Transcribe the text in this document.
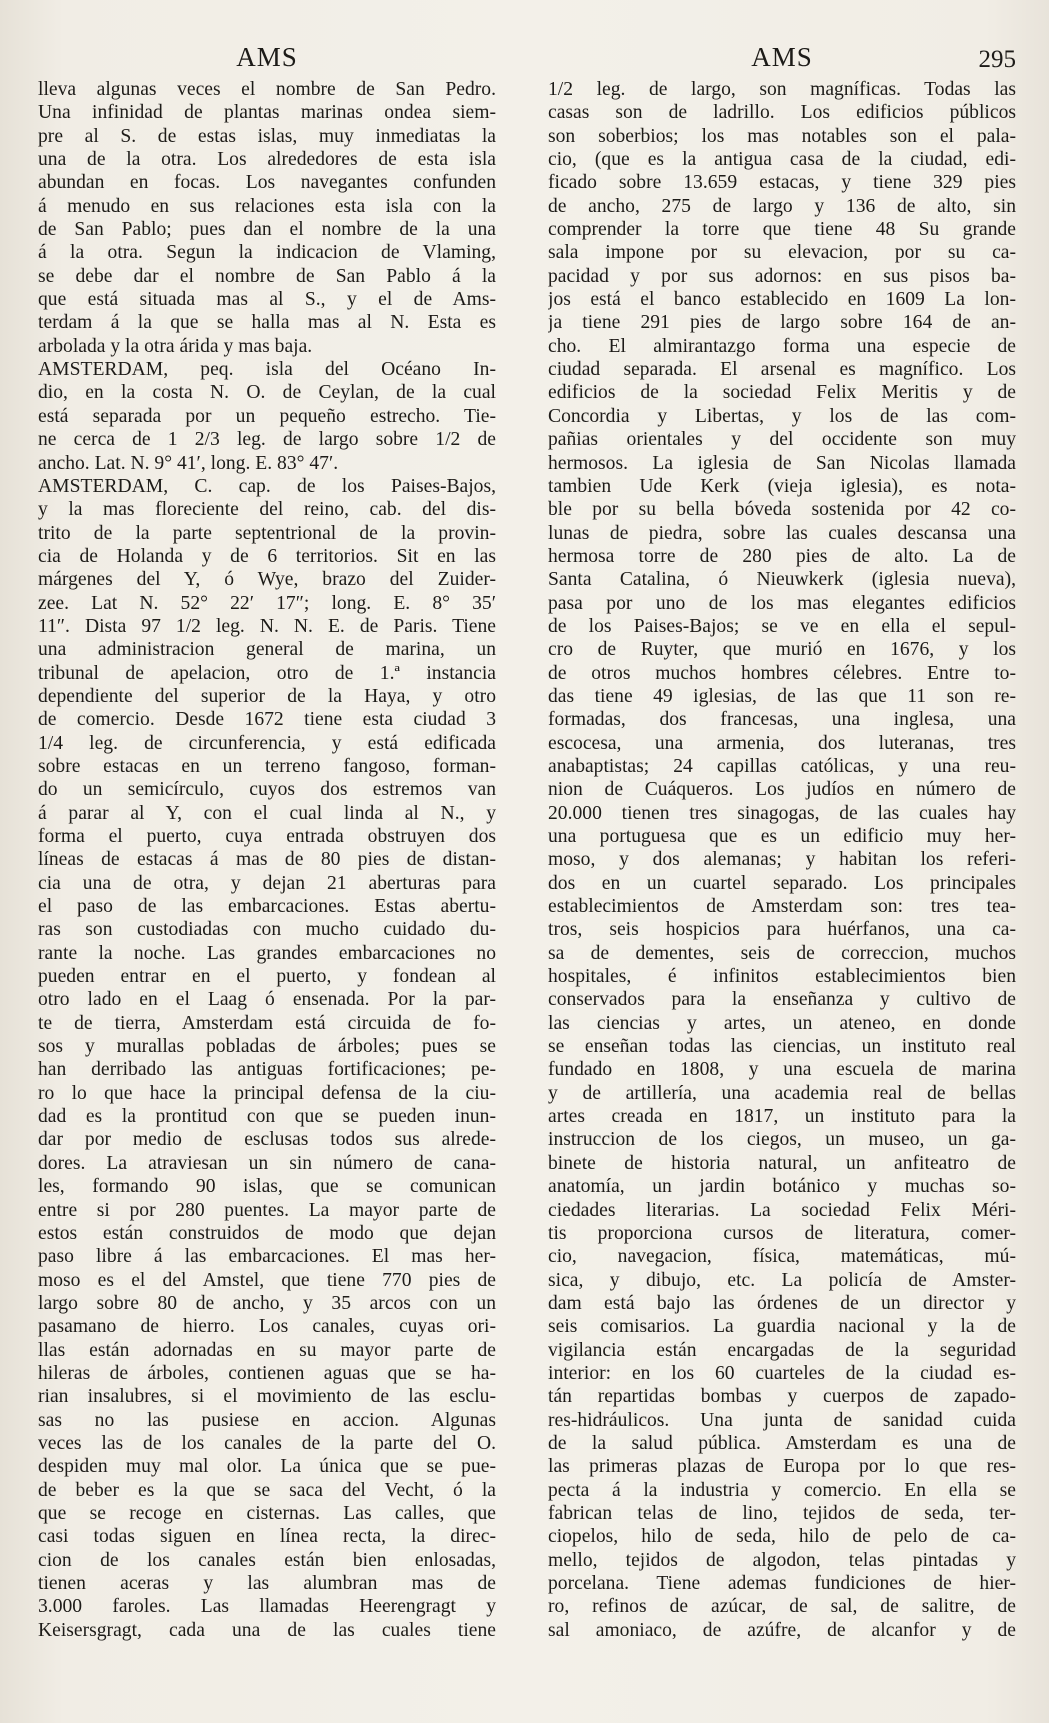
AMS
lleva algunas veces el nombre de San Pedro.
Una infinidad de plantas marinas ondea siem-
pre al S. de estas islas, muy inmediatas la
una de la otra. Los alrededores de esta isla
abundan en focas. Los navegantes confunden
á menudo en sus relaciones esta isla con la
de San Pablo; pues dan el nombre de la una
á la otra. Segun la indicacion de Vlaming,
se debe dar el nombre de San Pablo á la
que está situada mas al S., y el de Ams-
terdam á la que se halla mas al N. Esta es
arbolada y la otra árida y mas baja.
AMSTERDAM, peq. isla del Océano In-
dio, en la costa N. O. de Ceylan, de la cual
está separada por un pequeño estrecho. Tie-
ne cerca de 1 2/3 leg. de largo sobre 1/2 de
ancho. Lat. N. 9° 41′, long. E. 83° 47′.
AMSTERDAM, C. cap. de los Paises-Bajos,
y la mas floreciente del reino, cab. del dis-
trito de la parte septentrional de la provin-
cia de Holanda y de 6 territorios. Sit en las
márgenes del Y, ó Wye, brazo del Zuider-
zee. Lat N. 52° 22′ 17″; long. E. 8° 35′
11″. Dista 97 1/2 leg. N. N. E. de Paris. Tiene
una administracion general de marina, un
tribunal de apelacion, otro de 1.ª instancia
dependiente del superior de la Haya, y otro
de comercio. Desde 1672 tiene esta ciudad 3
1/4 leg. de circunferencia, y está edificada
sobre estacas en un terreno fangoso, forman-
do un semicírculo, cuyos dos estremos van
á parar al Y, con el cual linda al N., y
forma el puerto, cuya entrada obstruyen dos
líneas de estacas á mas de 80 pies de distan-
cia una de otra, y dejan 21 aberturas para
el paso de las embarcaciones. Estas abertu-
ras son custodiadas con mucho cuidado du-
rante la noche. Las grandes embarcaciones no
pueden entrar en el puerto, y fondean al
otro lado en el Laag ó ensenada. Por la par-
te de tierra, Amsterdam está circuida de fo-
sos y murallas pobladas de árboles; pues se
han derribado las antiguas fortificaciones; pe-
ro lo que hace la principal defensa de la ciu-
dad es la prontitud con que se pueden inun-
dar por medio de esclusas todos sus alrede-
dores. La atraviesan un sin número de cana-
les, formando 90 islas, que se comunican
entre si por 280 puentes. La mayor parte de
estos están construidos de modo que dejan
paso libre á las embarcaciones. El mas her-
moso es el del Amstel, que tiene 770 pies de
largo sobre 80 de ancho, y 35 arcos con un
pasamano de hierro. Los canales, cuyas ori-
llas están adornadas en su mayor parte de
hileras de árboles, contienen aguas que se ha-
rian insalubres, si el movimiento de las esclu-
sas no las pusiese en accion. Algunas
veces las de los canales de la parte del O.
despiden muy mal olor. La única que se pue-
de beber es la que se saca del Vecht, ó la
que se recoge en cisternas. Las calles, que
casi todas siguen en línea recta, la direc-
cion de los canales están bien enlosadas,
tienen aceras y las alumbran mas de
3.000 faroles. Las llamadas Heerengragt y
Keisersgragt, cada una de las cuales tiene
AMS	295
1/2 leg. de largo, son magníficas. Todas las
casas son de ladrillo. Los edificios públicos
son soberbios; los mas notables son el pala-
cio, (que es la antigua casa de la ciudad, edi-
ficado sobre 13.659 estacas, y tiene 329 pies
de ancho, 275 de largo y 136 de alto, sin
comprender la torre que tiene 48 Su grande
sala impone por su elevacion, por su ca-
pacidad y por sus adornos: en sus pisos ba-
jos está el banco establecido en 1609 La lon-
ja tiene 291 pies de largo sobre 164 de an-
cho. El almirantazgo forma una especie de
ciudad separada. El arsenal es magnífico. Los
edificios de la sociedad Felix Meritis y de
Concordia y Libertas, y los de las com-
pañias orientales y del occidente son muy
hermosos. La iglesia de San Nicolas llamada
tambien Ude Kerk (vieja iglesia), es nota-
ble por su bella bóveda sostenida por 42 co-
lunas de piedra, sobre las cuales descansa una
hermosa torre de 280 pies de alto. La de
Santa Catalina, ó Nieuwkerk (iglesia nueva),
pasa por uno de los mas elegantes edificios
de los Paises-Bajos; se ve en ella el sepul-
cro de Ruyter, que murió en 1676, y los
de otros muchos hombres célebres. Entre to-
das tiene 49 iglesias, de las que 11 son re-
formadas, dos francesas, una inglesa, una
escocesa, una armenia, dos luteranas, tres
anabaptistas; 24 capillas católicas, y una reu-
nion de Cuáqueros. Los judíos en número de
20.000 tienen tres sinagogas, de las cuales hay
una portuguesa que es un edificio muy her-
moso, y dos alemanas; y habitan los referi-
dos en un cuartel separado. Los principales
establecimientos de Amsterdam son: tres tea-
tros, seis hospicios para huérfanos, una ca-
sa de dementes, seis de correccion, muchos
hospitales, é infinitos establecimientos bien
conservados para la enseñanza y cultivo de
las ciencias y artes, un ateneo, en donde
se enseñan todas las ciencias, un instituto real
fundado en 1808, y una escuela de marina
y de artillería, una academia real de bellas
artes creada en 1817, un instituto para la
instruccion de los ciegos, un museo, un ga-
binete de historia natural, un anfiteatro de
anatomía, un jardin botánico y muchas so-
ciedades literarias. La sociedad Felix Méri-
tis proporciona cursos de literatura, comer-
cio, navegacion, física, matemáticas, mú-
sica, y dibujo, etc. La policía de Amster-
dam está bajo las órdenes de un director y
seis comisarios. La guardia nacional y la de
vigilancia están encargadas de la seguridad
interior: en los 60 cuarteles de la ciudad es-
tán repartidas bombas y cuerpos de zapado-
res-hidráulicos. Una junta de sanidad cuida
de la salud pública. Amsterdam es una de
las primeras plazas de Europa por lo que res-
pecta á la industria y comercio. En ella se
fabrican telas de lino, tejidos de seda, ter-
ciopelos, hilo de seda, hilo de pelo de ca-
mello, tejidos de algodon, telas pintadas y
porcelana. Tiene ademas fundiciones de hier-
ro, refinos de azúcar, de sal, de salitre, de
sal amoniaco, de azúfre, de alcanfor y de
